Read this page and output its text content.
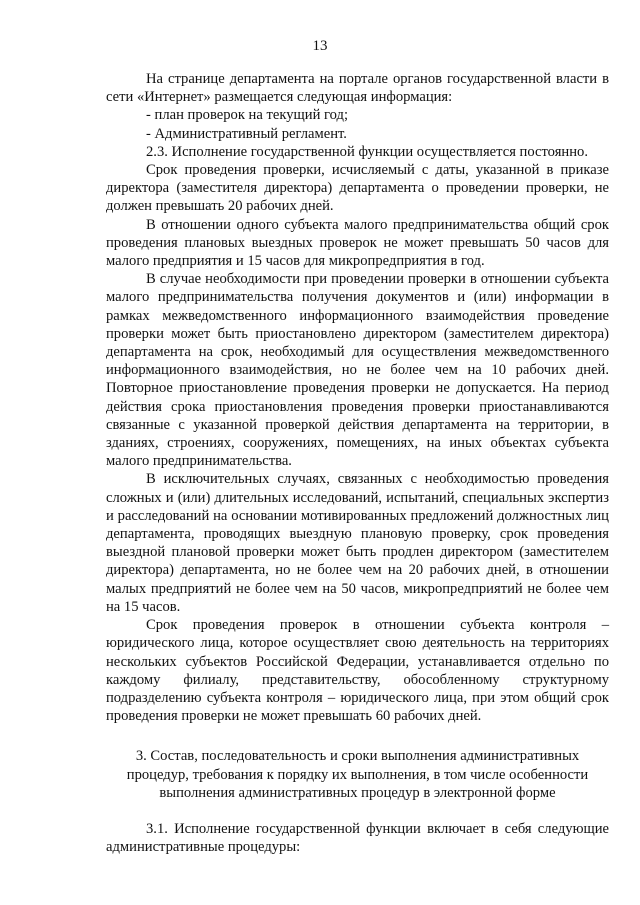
13

На странице департамента на портале органов государственной власти в сети «Интернет» размещается следующая информация:

- план проверок на текущий год;

- Административный регламент.

2.3. Исполнение государственной функции осуществляется постоянно.

Срок проведения проверки, исчисляемый с даты, указанной в приказе директора (заместителя директора) департамента о проведении проверки, не должен превышать 20 рабочих дней.

В отношении одного субъекта малого предпринимательства общий срок проведения плановых выездных проверок не может превышать 50 часов для малого предприятия и 15 часов для микропредприятия в год.

В случае необходимости при проведении проверки в отношении субъекта малого предпринимательства получения документов и (или) информации в рамках межведомственного информационного взаимодействия проведение проверки может быть приостановлено директором (заместителем директора) департамента на срок, необходимый для осуществления межведомственного информационного взаимодействия, но не более чем на 10 рабочих дней. Повторное приостановление проведения проверки не допускается. На период действия срока приостановления проведения проверки приостанавливаются связанные с указанной проверкой действия департамента на территории, в зданиях, строениях, сооружениях, помещениях, на иных объектах субъекта малого предпринимательства.

В исключительных случаях, связанных с необходимостью проведения сложных и (или) длительных исследований, испытаний, специальных экспертиз и расследований на основании мотивированных предложений должностных лиц департамента, проводящих выездную плановую проверку, срок проведения выездной плановой проверки может быть продлен директором (заместителем директора) департамента, но не более чем на 20 рабочих дней, в отношении малых предприятий не более чем на 50 часов, микропредприятий не более чем на 15 часов.

Срок проведения проверок в отношении субъекта контроля – юридического лица, которое осуществляет свою деятельность на территориях нескольких субъектов Российской Федерации, устанавливается отдельно по каждому филиалу, представительству, обособленному структурному подразделению субъекта контроля – юридического лица, при этом общий срок проведения проверки не может превышать 60 рабочих дней.

3. Состав, последовательность и сроки выполнения административных процедур, требования к порядку их выполнения, в том числе особенности выполнения административных процедур в электронной форме

3.1. Исполнение государственной функции включает в себя следующие административные процедуры:
